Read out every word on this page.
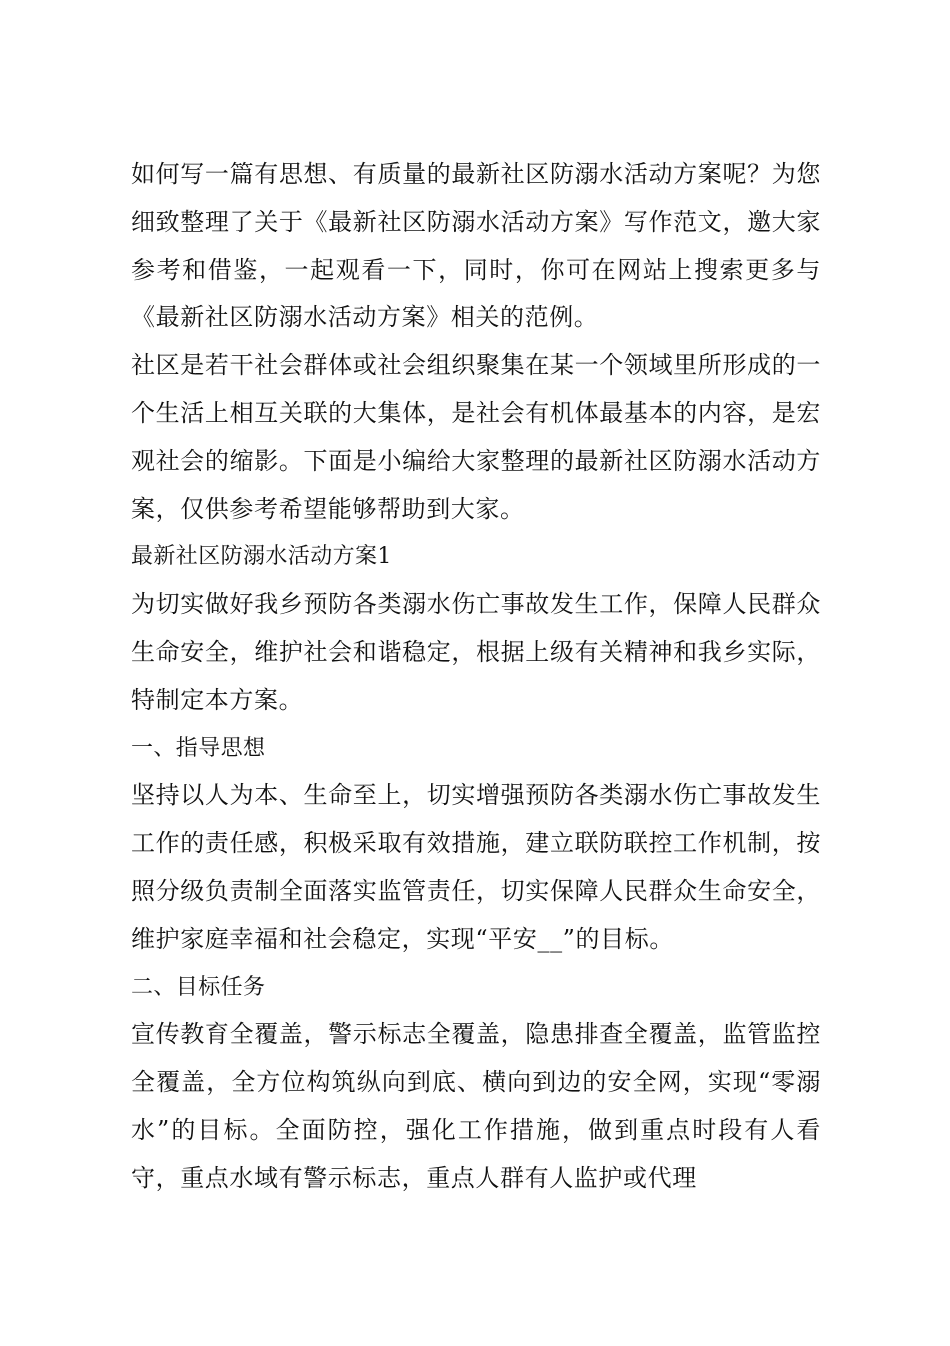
如何写一篇有思想、有质量的最新社区防溺水活动方案呢？为您细致整理了关于《最新社区防溺水活动方案》写作范文，邀大家参考和借鉴，一起观看一下，同时，你可在网站上搜索更多与《最新社区防溺水活动方案》相关的范例。

社区是若干社会群体或社会组织聚集在某一个领域里所形成的一个生活上相互关联的大集体，是社会有机体最基本的内容，是宏观社会的缩影。下面是小编给大家整理的最新社区防溺水活动方案，仅供参考希望能够帮助到大家。

最新社区防溺水活动方案1

为切实做好我乡预防各类溺水伤亡事故发生工作，保障人民群众生命安全，维护社会和谐稳定，根据上级有关精神和我乡实际，特制定本方案。

一、指导思想

坚持以人为本、生命至上，切实增强预防各类溺水伤亡事故发生工作的责任感，积极采取有效措施，建立联防联控工作机制，按照分级负责制全面落实监管责任，切实保障人民群众生命安全，维护家庭幸福和社会稳定，实现“平安__”的目标。

二、目标任务

宣传教育全覆盖，警示标志全覆盖，隐患排查全覆盖，监管监控全覆盖，全方位构筑纵向到底、横向到边的安全网，实现“零溺水”的目标。全面防控，强化工作措施，做到重点时段有人看守，重点水域有警示标志，重点人群有人监护或代理
